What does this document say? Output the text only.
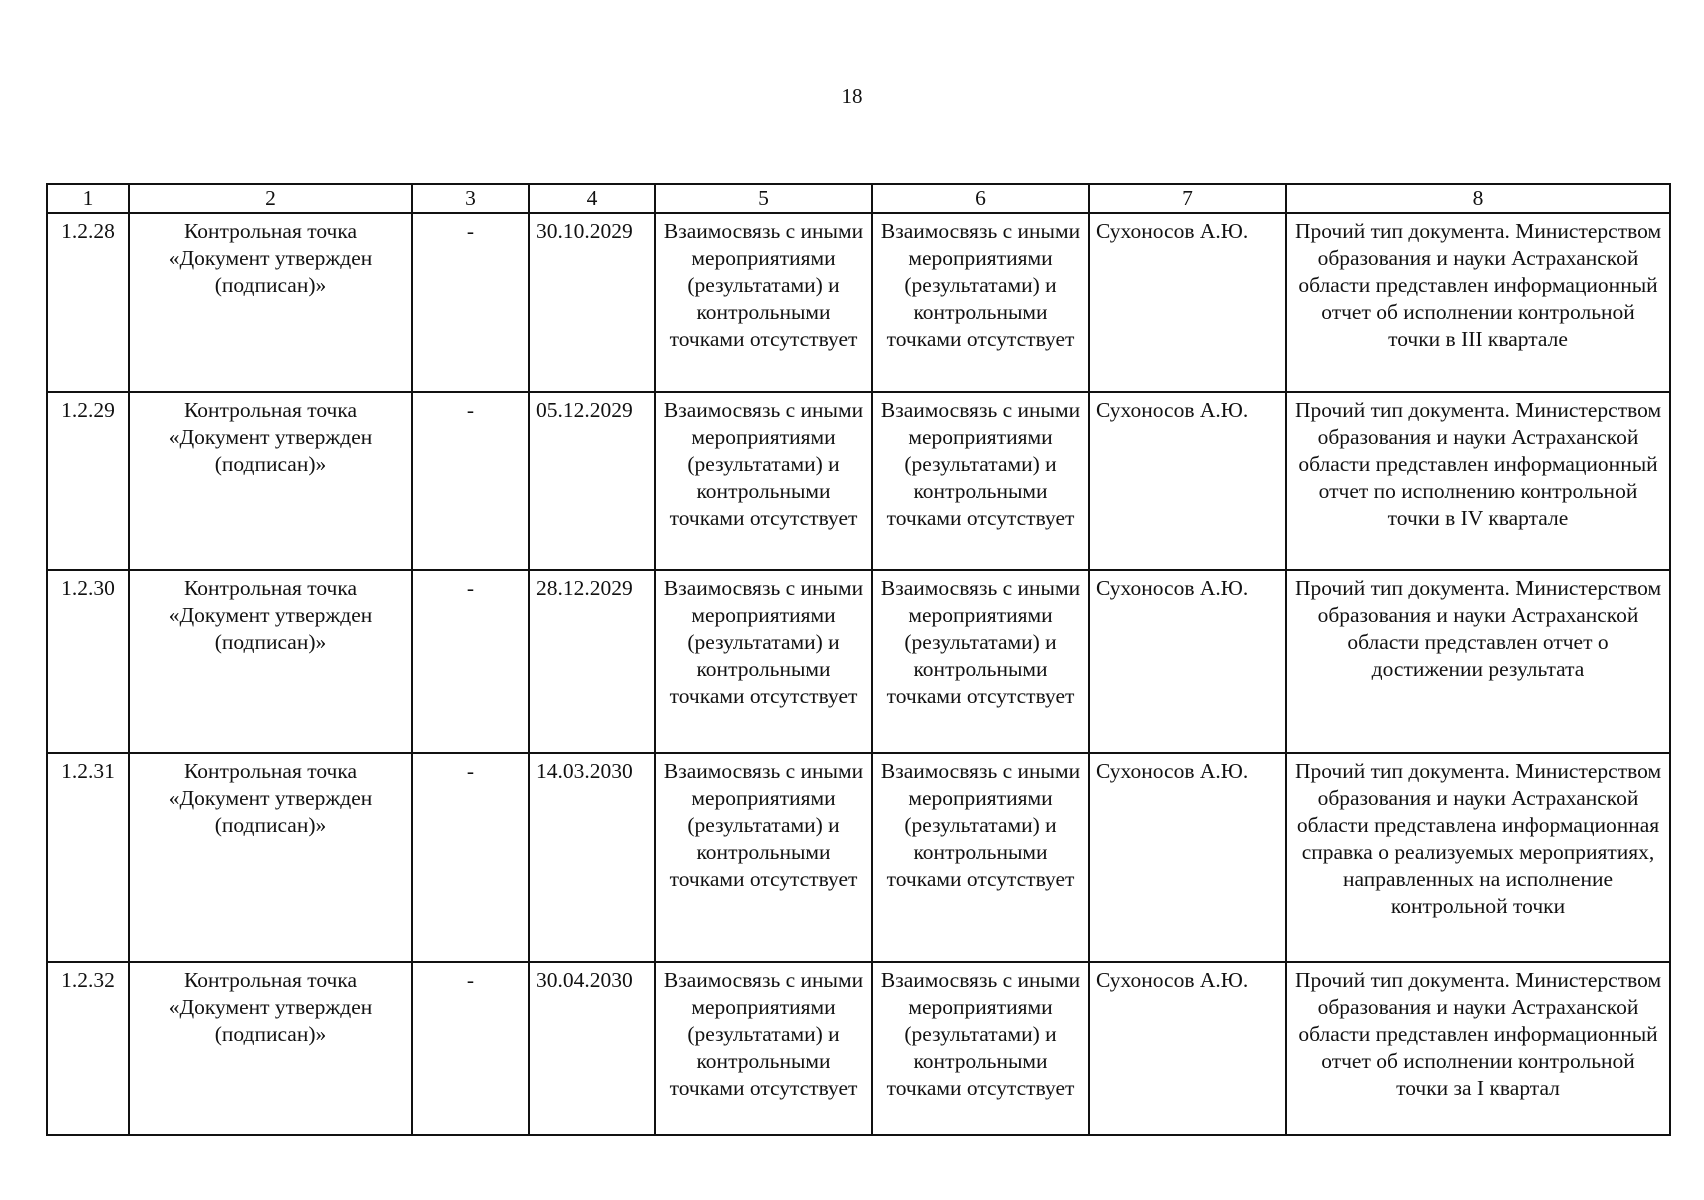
18
1	2	3	4	5	6	7	8
1.2.28	Контрольная точка «Документ утвержден (подписан)»	-	30.10.2029	Взаимосвязь с иными мероприятиями (результатами) и контрольными точками отсутствует	Взаимосвязь с иными мероприятиями (результатами) и контрольными точками отсутствует	Сухоносов А.Ю.	Прочий тип документа. Министерством образования и науки Астраханской области представлен информационный отчет об исполнении контрольной точки в III квартале
1.2.29	Контрольная точка «Документ утвержден (подписан)»	-	05.12.2029	Взаимосвязь с иными мероприятиями (результатами) и контрольными точками отсутствует	Взаимосвязь с иными мероприятиями (результатами) и контрольными точками отсутствует	Сухоносов А.Ю.	Прочий тип документа. Министерством образования и науки Астраханской области представлен информационный отчет по исполнению контрольной точки в IV квартале
1.2.30	Контрольная точка «Документ утвержден (подписан)»	-	28.12.2029	Взаимосвязь с иными мероприятиями (результатами) и контрольными точками отсутствует	Взаимосвязь с иными мероприятиями (результатами) и контрольными точками отсутствует	Сухоносов А.Ю.	Прочий тип документа. Министерством образования и науки Астраханской области представлен отчет о достижении результата
1.2.31	Контрольная точка «Документ утвержден (подписан)»	-	14.03.2030	Взаимосвязь с иными мероприятиями (результатами) и контрольными точками отсутствует	Взаимосвязь с иными мероприятиями (результатами) и контрольными точками отсутствует	Сухоносов А.Ю.	Прочий тип документа. Министерством образования и науки Астраханской области представлена информационная справка о реализуемых мероприятиях, направленных на исполнение контрольной точки
1.2.32	Контрольная точка «Документ утвержден (подписан)»	-	30.04.2030	Взаимосвязь с иными мероприятиями (результатами) и контрольными точками отсутствует	Взаимосвязь с иными мероприятиями (результатами) и контрольными точками отсутствует	Сухоносов А.Ю.	Прочий тип документа. Министерством образования и науки Астраханской области представлен информационный отчет об исполнении контрольной точки за I квартал
